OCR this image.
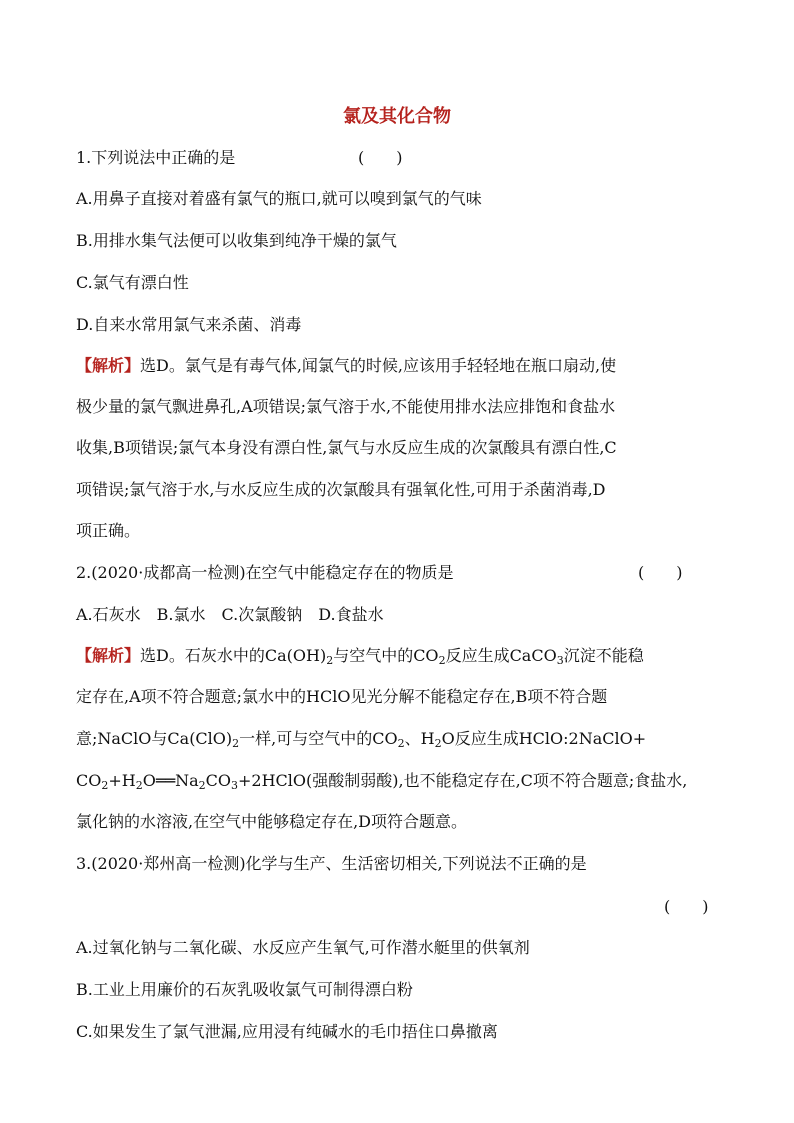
氯及其化合物
1.下列说法中正确的是	(　　)
A.用鼻子直接对着盛有氯气的瓶口,就可以嗅到氯气的气味
B.用排水集气法便可以收集到纯净干燥的氯气
C.氯气有漂白性
D.自来水常用氯气来杀菌、消毒
【解析】选D。氯气是有毒气体,闻氯气的时候,应该用手轻轻地在瓶口扇动,使
极少量的氯气飘进鼻孔,A项错误;氯气溶于水,不能使用排水法应排饱和食盐水
收集,B项错误;氯气本身没有漂白性,氯气与水反应生成的次氯酸具有漂白性,C
项错误;氯气溶于水,与水反应生成的次氯酸具有强氧化性,可用于杀菌消毒,D
项正确。
2.(2020·成都高一检测)在空气中能稳定存在的物质是	(　　)
A.石灰水　B.氯水　C.次氯酸钠　D.食盐水
【解析】选D。石灰水中的$Ca(OH)_2$与空气中的$CO_2$反应生成CaCO$_3$沉淀不能稳
定存在,A项不符合题意;氯水中的HClO见光分解不能稳定存在,B项不符合题
意;NaClO与$Ca(ClO)_2$一样,可与空气中的$CO_2$、$H_2O$反应生成HClO:2NaClO+
$CO_2+H_2O══Na_2CO_3+2HClO$(强酸制弱酸),也不能稳定存在,C项不符合题意;食盐水,
氯化钠的水溶液,在空气中能够稳定存在,D项符合题意。
3.(2020·郑州高一检测)化学与生产、生活密切相关,下列说法不正确的是
(　　)
A.过氧化钠与二氧化碳、水反应产生氧气,可作潜水艇里的供氧剂
B.工业上用廉价的石灰乳吸收氯气可制得漂白粉
C.如果发生了氯气泄漏,应用浸有纯碱水的毛巾捂住口鼻撤离
